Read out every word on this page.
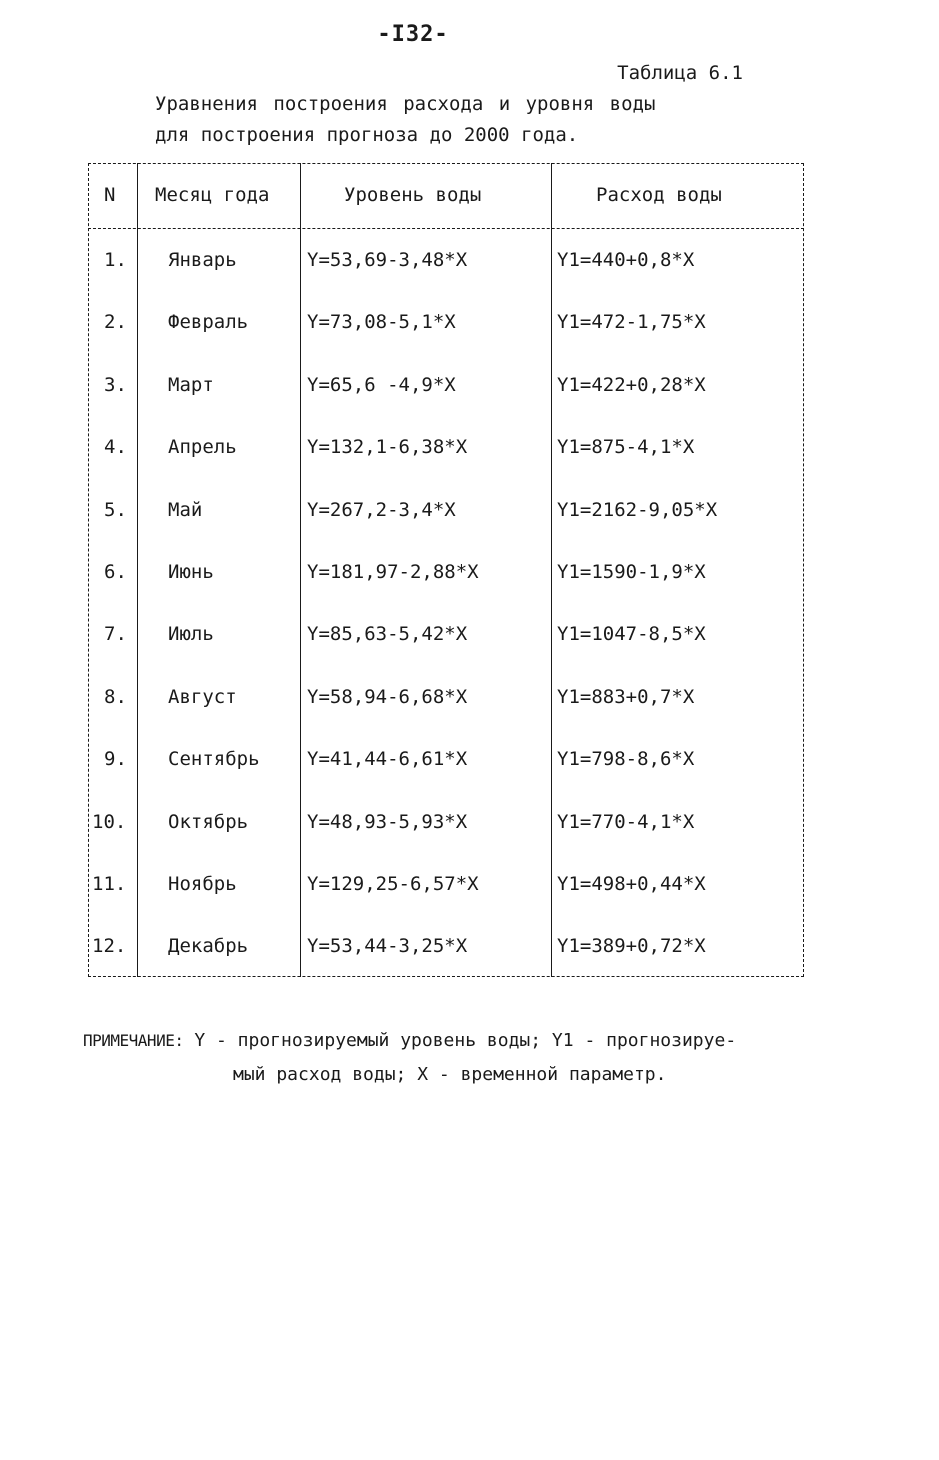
-I32-
Таблица 6.1
Уравнения построения расхода и уровня воды
для построения прогноза до 2000 года.
N Месяц года	Уровень воды	Расход воды
1. Январь	Y=53,69-3,48*X	Y1=440+0,8*X
2. Февраль	Y=73,08-5,1*X	Y1=472-1,75*X
3. Март	Y=65,6 -4,9*X	Y1=422+0,28*X
4. Апрель	Y=132,1-6,38*X	Y1=875-4,1*X
5. Май	Y=267,2-3,4*X	Y1=2162-9,05*X
6. Июнь	Y=181,97-2,88*X	Y1=1590-1,9*X
7. Июль	Y=85,63-5,42*X	Y1=1047-8,5*X
8. Август	Y=58,94-6,68*X	Y1=883+0,7*X
9. Сентябрь Y=41,44-6,61*X	Y1=798-8,6*X
10. Октябрь	Y=48,93-5,93*X	Y1=770-4,1*X
11. Ноябрь	Y=129,25-6,57*X	Y1=498+0,44*X
12. Декабрь	Y=53,44-3,25*X	Y1=389+0,72*X
ПРИМЕЧАНИЕ: Y - прогнозируемый уровень воды; Y1 - прогнозируе-
мый расход воды; X - временной параметр.
